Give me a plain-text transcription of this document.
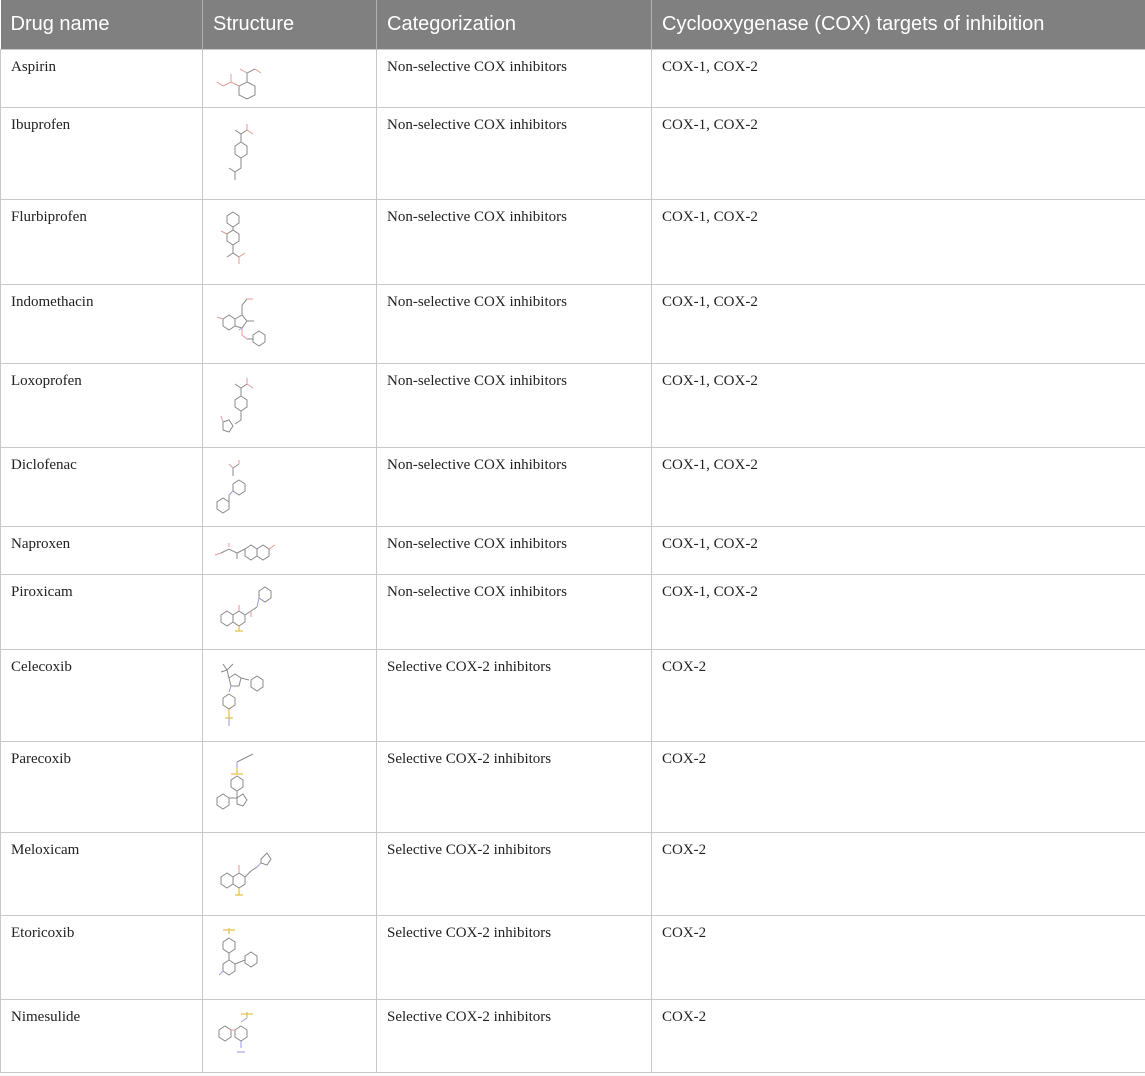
Drug name	Structure	Categorization	Cyclooxygenase (COX) targets of inhibition
Aspirin		Non-selective COX inhibitors	COX-1, COX-2
Ibuprofen		Non-selective COX inhibitors	COX-1, COX-2
Flurbiprofen		Non-selective COX inhibitors	COX-1, COX-2
Indomethacin		Non-selective COX inhibitors	COX-1, COX-2
Loxoprofen		Non-selective COX inhibitors	COX-1, COX-2
Diclofenac		Non-selective COX inhibitors	COX-1, COX-2
Naproxen		Non-selective COX inhibitors	COX-1, COX-2
Piroxicam		Non-selective COX inhibitors	COX-1, COX-2
Celecoxib		Selective COX-2 inhibitors	COX-2
Parecoxib		Selective COX-2 inhibitors	COX-2
Meloxicam		Selective COX-2 inhibitors	COX-2
Etoricoxib		Selective COX-2 inhibitors	COX-2
Nimesulide		Selective COX-2 inhibitors	COX-2
